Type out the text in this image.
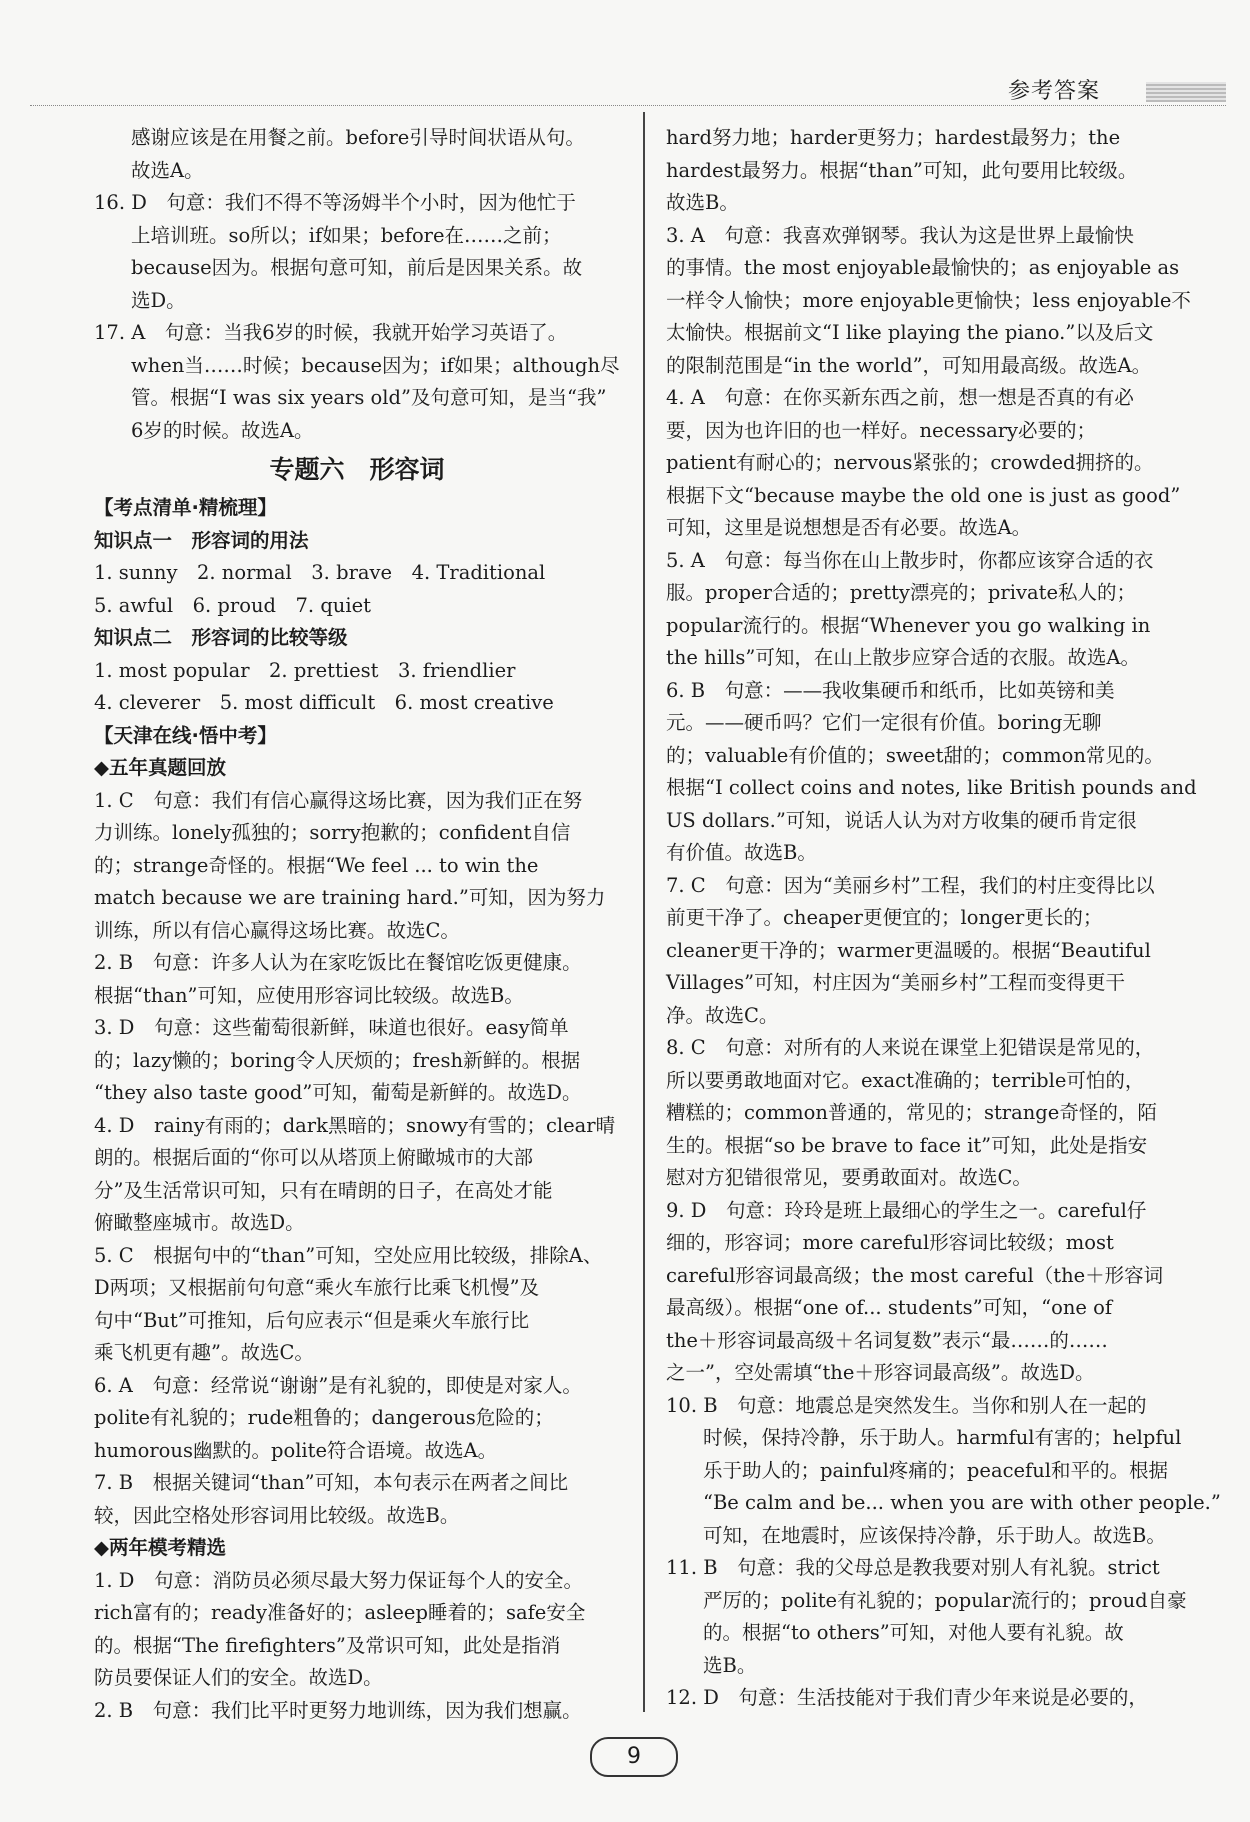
参考答案
感谢应该是在用餐之前。before引导时间状语从句。
故选A。
16. D　句意：我们不得不等汤姆半个小时，因为他忙于
上培训班。so所以；if如果；before在……之前；
because因为。根据句意可知，前后是因果关系。故
选D。
17. A　句意：当我6岁的时候，我就开始学习英语了。
when当……时候；because因为；if如果；although尽
管。根据“I was six years old”及句意可知，是当“我”
6岁的时候。故选A。
专题六　形容词
【考点清单·精梳理】
知识点一　形容词的用法
1. sunny　2. normal　3. brave　4. Traditional
5. awful　6. proud　7. quiet
知识点二　形容词的比较等级
1. most popular　2. prettiest　3. friendlier
4. cleverer　5. most difficult　6. most creative
【天津在线·悟中考】
◆五年真题回放
1. C　句意：我们有信心赢得这场比赛，因为我们正在努
力训练。lonely孤独的；sorry抱歉的；confident自信
的；strange奇怪的。根据“We feel ... to win the
match because we are training hard.”可知，因为努力
训练，所以有信心赢得这场比赛。故选C。
2. B　句意：许多人认为在家吃饭比在餐馆吃饭更健康。
根据“than”可知，应使用形容词比较级。故选B。
3. D　句意：这些葡萄很新鲜，味道也很好。easy简单
的；lazy懒的；boring令人厌烦的；fresh新鲜的。根据
“they also taste good”可知，葡萄是新鲜的。故选D。
4. D　rainy有雨的；dark黑暗的；snowy有雪的；clear晴
朗的。根据后面的“你可以从塔顶上俯瞰城市的大部
分”及生活常识可知，只有在晴朗的日子，在高处才能
俯瞰整座城市。故选D。
5. C　根据句中的“than”可知，空处应用比较级，排除A、
D两项；又根据前句句意“乘火车旅行比乘飞机慢”及
句中“But”可推知，后句应表示“但是乘火车旅行比
乘飞机更有趣”。故选C。
6. A　句意：经常说“谢谢”是有礼貌的，即使是对家人。
polite有礼貌的；rude粗鲁的；dangerous危险的；
humorous幽默的。polite符合语境。故选A。
7. B　根据关键词“than”可知，本句表示在两者之间比
较，因此空格处形容词用比较级。故选B。
◆两年模考精选
1. D　句意：消防员必须尽最大努力保证每个人的安全。
rich富有的；ready准备好的；asleep睡着的；safe安全
的。根据“The firefighters”及常识可知，此处是指消
防员要保证人们的安全。故选D。
2. B　句意：我们比平时更努力地训练，因为我们想赢。
hard努力地；harder更努力；hardest最努力；the
hardest最努力。根据“than”可知，此句要用比较级。
故选B。
3. A　句意：我喜欢弹钢琴。我认为这是世界上最愉快
的事情。the most enjoyable最愉快的；as enjoyable as
一样令人愉快；more enjoyable更愉快；less enjoyable不
太愉快。根据前文“I like playing the piano.”以及后文
的限制范围是“in the world”，可知用最高级。故选A。
4. A　句意：在你买新东西之前，想一想是否真的有必
要，因为也许旧的也一样好。necessary必要的；
patient有耐心的；nervous紧张的；crowded拥挤的。
根据下文“because maybe the old one is just as good”
可知，这里是说想想是否有必要。故选A。
5. A　句意：每当你在山上散步时，你都应该穿合适的衣
服。proper合适的；pretty漂亮的；private私人的；
popular流行的。根据“Whenever you go walking in
the hills”可知，在山上散步应穿合适的衣服。故选A。
6. B　句意：——我收集硬币和纸币，比如英镑和美
元。——硬币吗？它们一定很有价值。boring无聊
的；valuable有价值的；sweet甜的；common常见的。
根据“I collect coins and notes, like British pounds and
US dollars.”可知，说话人认为对方收集的硬币肯定很
有价值。故选B。
7. C　句意：因为“美丽乡村”工程，我们的村庄变得比以
前更干净了。cheaper更便宜的；longer更长的；
cleaner更干净的；warmer更温暖的。根据“Beautiful
Villages”可知，村庄因为“美丽乡村”工程而变得更干
净。故选C。
8. C　句意：对所有的人来说在课堂上犯错误是常见的，
所以要勇敢地面对它。exact准确的；terrible可怕的，
糟糕的；common普通的，常见的；strange奇怪的，陌
生的。根据“so be brave to face it”可知，此处是指安
慰对方犯错很常见，要勇敢面对。故选C。
9. D　句意：玲玲是班上最细心的学生之一。careful仔
细的，形容词；more careful形容词比较级；most
careful形容词最高级；the most careful（the＋形容词
最高级）。根据“one of... students”可知，“one of
the＋形容词最高级＋名词复数”表示“最……的……
之一”，空处需填“the＋形容词最高级”。故选D。
10. B　句意：地震总是突然发生。当你和别人在一起的
时候，保持冷静，乐于助人。harmful有害的；helpful
乐于助人的；painful疼痛的；peaceful和平的。根据
“Be calm and be... when you are with other people.”
可知，在地震时，应该保持冷静，乐于助人。故选B。
11. B　句意：我的父母总是教我要对别人有礼貌。strict
严厉的；polite有礼貌的；popular流行的；proud自豪
的。根据“to others”可知，对他人要有礼貌。故
选B。
12. D　句意：生活技能对于我们青少年来说是必要的，
9
